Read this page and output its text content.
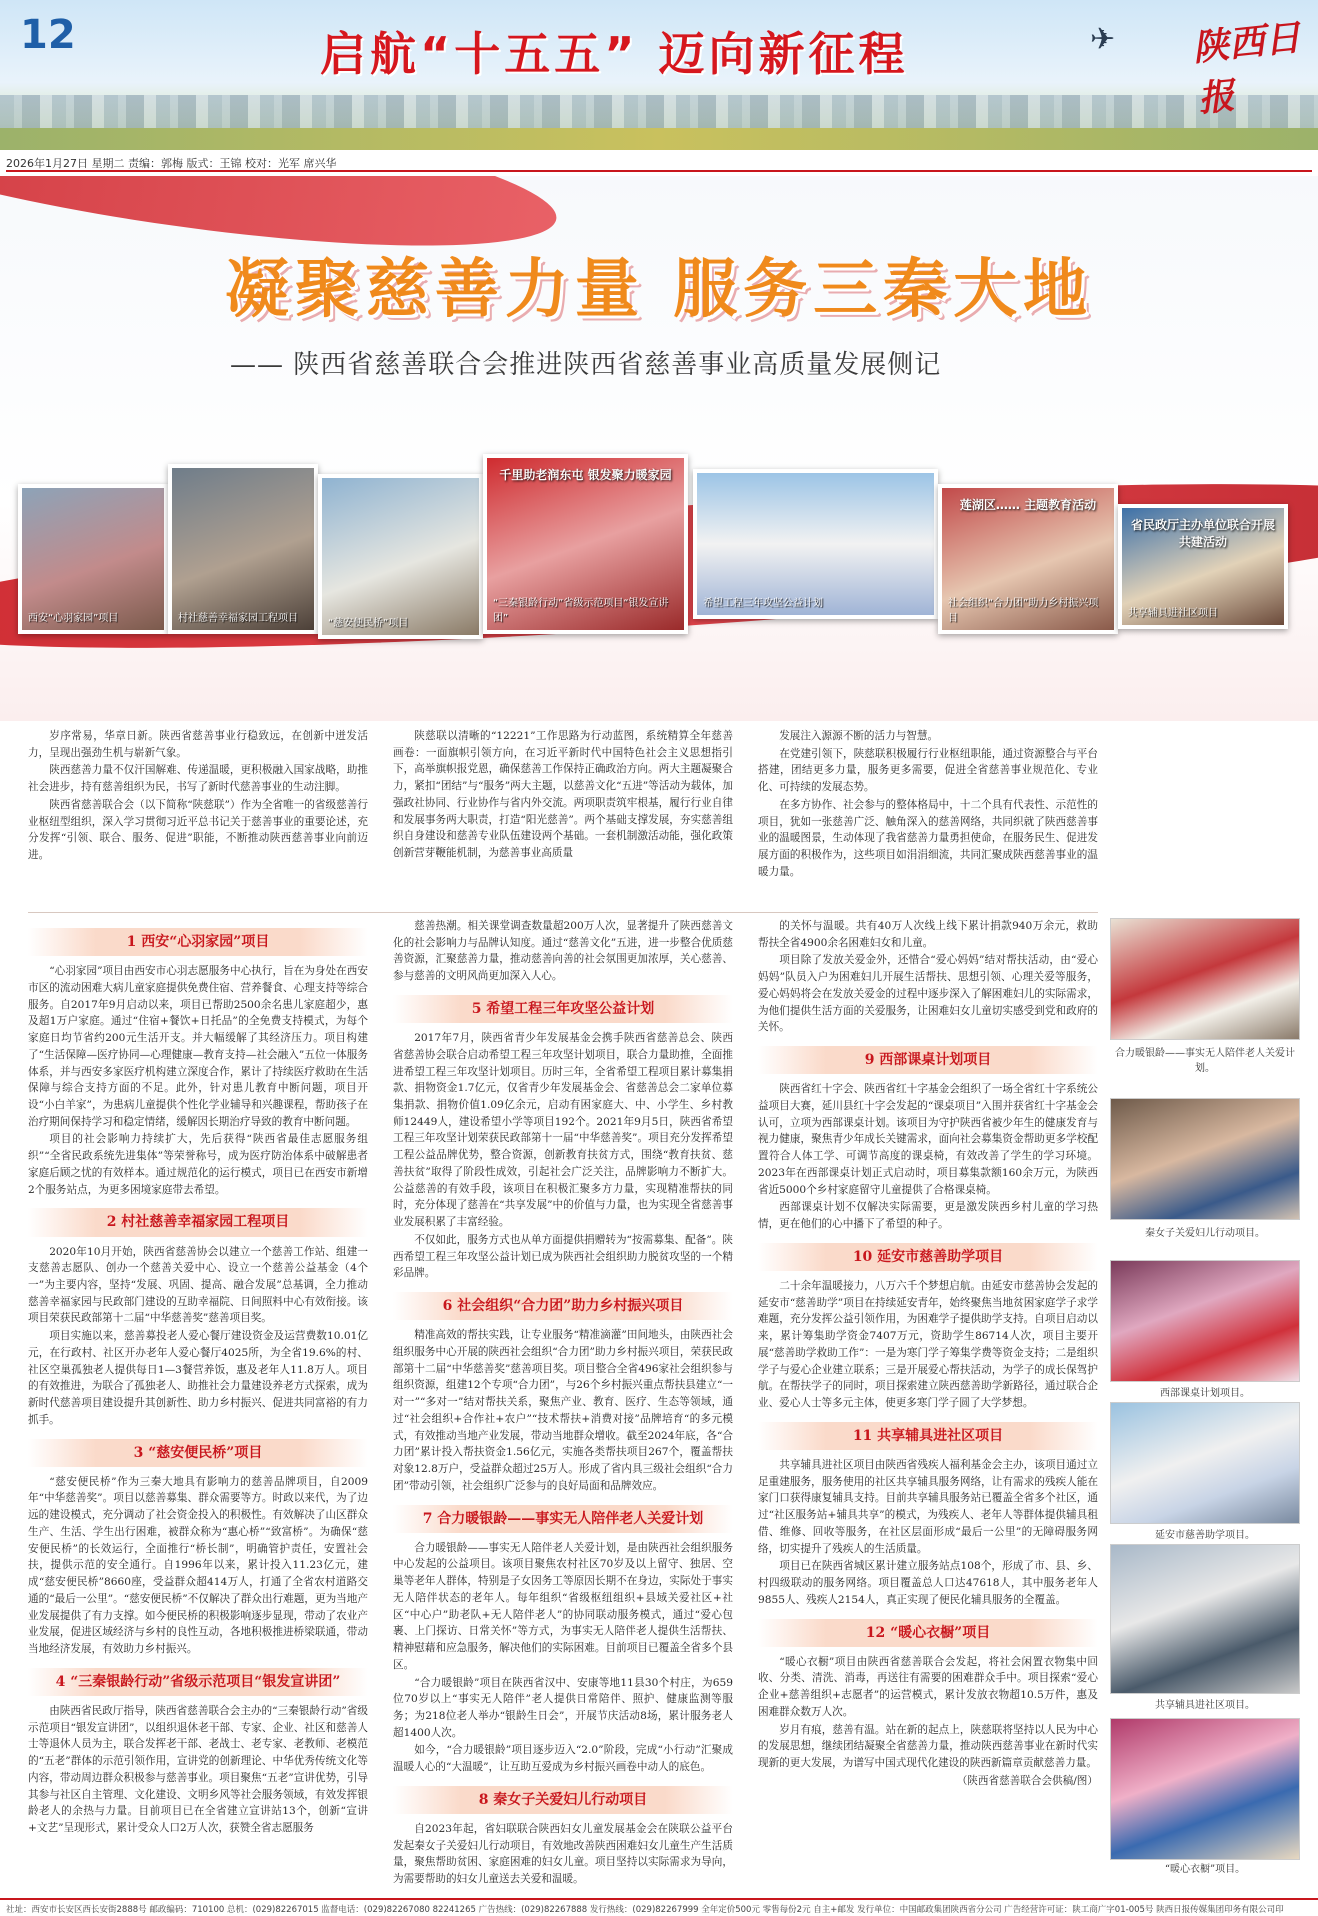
12	启航“十五五” 迈向新征程	✈ 陕西日报
2026年1月27日 星期二 责编：郭梅 版式：王锦 校对：光军 席兴华
凝聚慈善力量 服务三秦大地
—— 陕西省慈善联合会推进陕西省慈善事业高质量发展侧记
西安“心羽家园”项目	村社慈善幸福家园工程项目	“慈安便民桥”项目
千里助老润东屯 银发聚力暖家园
“三秦银龄行动”省级示范项目“银发宣讲团”
希望工程三年攻坚公益计划
莲湖区…… 主题教育活动
社会组织“合力团”助力乡村振兴项目
省民政厅主办单位联合开展共建活动
共享辅具进社区项目

岁序常易，华章日新。陕西省慈善事业行稳致远，在创新中迸发活力，呈现出强劲生机与崭新气象。

陕西慈善力量不仅汗国解难、传递温暖，更积极融入国家战略，助推社会进步，持有慈善组织为民，书写了新时代慈善事业的生动注脚。

陕西省慈善联合会（以下简称“陕慈联”）作为全省唯一的省级慈善行业枢纽型组织，深入学习贯彻习近平总书记关于慈善事业的重要论述，充分发挥“引领、联合、服务、促进”职能，不断推动陕西慈善事业向前迈进。

陕慈联以清晰的“12221”工作思路为行动蓝图，系统精算全年慈善画卷：一面旗帜引领方向，在习近平新时代中国特色社会主义思想指引下，高举旗帜报党恩，确保慈善工作保持正确政治方向。两大主题凝聚合力，紧扣“团结”与“服务”两大主题，以慈善文化“五进”等活动为载体，加强政社协同、行业协作与省内外交流。两项职责筑牢根基，履行行业自律和发展事务两大职责，打造“阳光慈善”。两个基础支撑发展，夯实慈善组织自身建设和慈善专业队伍建设两个基础。一套机制激活动能，强化政策创新营芽鞭能机制，为慈善事业高质量

发展注入源源不断的活力与智慧。

在党建引领下，陕慈联积极履行行业枢纽职能，通过资源整合与平台搭建，团结更多力量，服务更多需要，促进全省慈善事业规范化、专业化、可持续的发展态势。

在多方协作、社会参与的整体格局中，十二个具有代表性、示范性的项目，犹如一张慈善广泛、触角深入的慈善网络，共同织就了陕西慈善事业的温暖图景，生动体现了我省慈善力量勇担使命，在服务民生、促进发展方面的积极作为，这些项目如涓涓细流，共同汇聚成陕西慈善事业的温暖力量。

1 西安“心羽家园”项目

“心羽家园”项目由西安市心羽志愿服务中心执行，旨在为身处在西安市区的流动困难大病儿童家庭提供免费住宿、营养餐食、心理支持等综合服务。自2017年9月启动以来，项目已帮助2500余名患儿家庭超少，惠及超1万户家庭。通过“住宿+餐饮+日托品”的全免费支持模式，为每个家庭日均节省约200元生活开支。并大幅缓解了其经济压力。项目构建了“生活保障—医疗协同—心理健康—教育支持—社会融入”五位一体服务体系，并与西安多家医疗机构建立深度合作，累计了持续医疗救助在生活保障与综合支持方面的不足。此外，针对患儿教育中断问题，项目开设“小白羊家”，为患病儿童提供个性化学业辅导和兴趣课程，帮助孩子在治疗期间保持学习和稳定情绪，缓解因长期治疗导致的教育中断问题。

项目的社会影响力持续扩大，先后获得“陕西省最佳志愿服务组织”“全省民政系统先进集体”等荣誉称号，成为医疗防治体系中破解患者家庭后顾之忧的有效样本。通过规范化的运行模式，项目已在西安市新增2个服务站点，为更多困境家庭带去希望。

2 村社慈善幸福家园工程项目

2020年10月开始，陕西省慈善协会以建立一个慈善工作站、组建一支慈善志愿队、创办一个慈善关爱中心、设立一个慈善公益基金（4个一”为主要内容，坚持“发展、巩固、提高、融合发展”总基调，全力推动慈善幸福家园与民政部门建设的互助幸福院、日间照料中心有效衔接。该项目荣获民政部第十二届“中华慈善奖”慈善项目奖。

项目实施以来，慈善募投老人爱心餐厅建设资金及运营费数10.01亿元，在行政村、社区开办老年人爱心餐厅4025所，为全省19.6%的村、社区空巢孤独老人提供每日1—3餐营养饭，惠及老年人11.8万人。项目的有效推进，为联合了孤独老人、助推社会力量建设养老方式探索，成为新时代慈善项目建设提升其创新性、助力乡村振兴、促进共同富裕的有力抓手。

3 “慈安便民桥”项目

“慈安便民桥”作为三秦大地具有影响力的慈善品牌项目，自2009年“中华慈善奖”。项目以慈善募集、群众需要等方。时政以来代，为了边远的建设模式，充分调动了社会资金投入的积极性。有效解决了山区群众生产、生活、学生出行困难，被群众称为“惠心桥”“致富桥”。为确保“慈安便民桥”的长效运行，全面推行“桥长制”，明确管护责任，安置社会扶，提供示范的安全通行。自1996年以来，累计投入11.23亿元，建成“慈安便民桥”8660座，受益群众超414万人，打通了全省农村道路交通的“最后一公里”。“慈安便民桥”不仅解决了群众出行难题，更为当地产业发展提供了有力支撑。如今便民桥的积极影响逐步显现，带动了农业产业发展，促进区域经济与乡村的良性互动，各地积极推进桥梁联通，带动当地经济发展，有效助力乡村振兴。

4 “三秦银龄行动”省级示范项目“银发宣讲团”

由陕西省民政厅指导，陕西省慈善联合会主办的“三秦银龄行动”省级示范项目“银发宣讲团”，以组织退休老干部、专家、企业、社区和慈善人士等退休人员为主，联合发挥老干部、老战士、老专家、老教师、老模范的“五老”群体的示范引领作用，宣讲党的创新理论、中华优秀传统文化等内容，带动周边群众积极参与慈善事业。项目聚焦“五老”宣讲优势，引导其参与社区自主管理、文化建设、文明乡风等社会服务领域，有效发挥银龄老人的余热与力量。目前项目已在全省建立宣讲站13个，创新“宣讲+文艺”呈现形式，累计受众人口2万人次，获赞全省志愿服务

慈善热潮。相关课堂调查数量超200万人次，显著提升了陕西慈善文化的社会影响力与品牌认知度。通过“慈善文化”五进，进一步整合优质慈善资源，汇聚慈善力量，推动慈善向善的社会氛围更加浓厚，关心慈善、参与慈善的文明风尚更加深入人心。

5 希望工程三年攻坚公益计划

2017年7月，陕西省青少年发展基金会携手陕西省慈善总会、陕西省慈善协会联合启动希望工程三年攻坚计划项目，联合力量助推，全面推进希望工程三年攻坚计划项目。历时三年，全省希望工程项目累计募集捐款、捐物资金1.7亿元，仅省青少年发展基金会、省慈善总会二家单位募集捐款、捐物价值1.09亿余元，启动有困家庭大、中、小学生、乡村教师12449人，建设希望小学等项目192个。2021年9月5日，陕西省希望工程三年攻坚计划荣获民政部第十一届“中华慈善奖”。项目充分发挥希望工程公益品牌优势，整合资源，创新教育扶贫方式，围绕“教育扶贫、慈善扶贫”取得了阶段性成效，引起社会广泛关注，品牌影响力不断扩大。公益慈善的有效手段，该项目在积极汇聚多方力量，实现精准帮扶的同时，充分体现了慈善在“共享发展”中的价值与力量，也为实现全省慈善事业发展积累了丰富经验。

不仅如此，服务方式也从单方面提供捐赠转为“按需募集、配备”。陕西希望工程三年攻坚公益计划已成为陕西社会组织助力脱贫攻坚的一个精彩品牌。

6 社会组织“合力团”助力乡村振兴项目

精准高效的帮扶实践，让专业服务“精准滴灌”田间地头，由陕西社会组织服务中心开展的陕西社会组织“合力团”助力乡村振兴项目，荣获民政部第十二届“中华慈善奖”慈善项目奖。项目整合全省496家社会组织参与组织资源，组建12个专项“合力团”，与26个乡村振兴重点帮扶县建立“一对一”“多对一”结对帮扶关系，聚焦产业、教育、医疗、生态等领域，通过“社会组织+合作社+农户”“技术帮扶+消费对接”品牌培育“的多元模式，有效推动当地产业发展，带动当地群众增收。截至2024年底，各“合力团”累计投入帮扶资金1.56亿元，实施各类帮扶项目267个，覆盖帮扶对象12.8万户，受益群众超过25万人。形成了省内具三级社会组织“合力团”带动引领，社会组织广泛参与的良好局面和品牌效应。

7 合力暖银龄——事实无人陪伴老人关爱计划

合力暖银龄——事实无人陪伴老人关爱计划，是由陕西社会组织服务中心发起的公益项目。该项目聚焦农村社区70岁及以上留守、独居、空巢等老年人群体，特别是子女因务工等原因长期不在身边，实际处于事实无人陪伴状态的老年人。每年组织“省级枢纽组织+县域关爱社区+社区“中心户”助老队+无人陪伴老人”的协同联动服务模式，通过“爱心包裹、上门探访、日常关怀”等方式，为事实无人陪伴老人提供生活帮扶、精神慰藉和应急服务，解决他们的实际困难。目前项目已覆盖全省多个县区。

“合力暖银龄”项目在陕西省汉中、安康等地11县30个村庄，为659位70岁以上“事实无人陪伴”老人提供日常陪伴、照护、健康监测等服务；为218位老人举办“银龄生日会”，开展节庆活动8场，累计服务老人超1400人次。

如今，“合力暖银龄”项目逐步迈入“2.0”阶段，完成“小行动”汇聚成温暖人心的“大温暖”，让互助互爱成为乡村振兴画卷中动人的底色。

8 秦女子关爱妇儿行动项目

自2023年起，省妇联联合陕西妇女儿童发展基金会在陕联公益平台发起秦女子关爱妇儿行动项目，有效地改善陕西困难妇女儿童生产生活质量，聚焦帮助贫困、家庭困难的妇女儿童。项目坚持以实际需求为导向，为需要帮助的妇女儿童送去关爱和温暖。

的关怀与温暖。共有40万人次线上线下累计捐款940万余元，救助帮扶全省4900余名困难妇女和儿童。

项目除了发放关爱金外，还惜合“爱心妈妈”结对帮扶活动，由“爱心妈妈”队员入户为困难妇儿开展生活帮扶、思想引领、心理关爱等服务，爱心妈妈将会在发放关爱金的过程中逐步深入了解困难妇儿的实际需求，为他们提供生活方面的关爱服务，让困难妇女儿童切实感受到党和政府的关怀。

9 西部课桌计划项目

陕西省红十字会、陕西省红十字基金会组织了一场全省红十字系统公益项目大赛，延川县红十字会发起的“课桌项目”入围并获省红十字基金会认可，立项为西部课桌计划。该项目为守护陕西省被少年生的健康发育与视力健康，聚焦青少年成长关键需求，面向社会募集资金帮助更多学校配置符合人体工学、可调节高度的课桌椅，有效改善了学生的学习环境。2023年在西部课桌计划正式启动时，项目募集款额160余万元，为陕西省近5000个乡村家庭留守儿童提供了合格课桌椅。

西部课桌计划不仅解决实际需要，更是激发陕西乡村儿童的学习热情，更在他们的心中播下了希望的种子。

10 延安市慈善助学项目

二十余年温暖接力，八万六千个梦想启航。由延安市慈善协会发起的延安市“慈善助学”项目在持续延安青年，始终聚焦当地贫困家庭学子求学难题，充分发挥公益引领作用，为困难学子提供助学支持。自项目启动以来，累计筹集助学资金7407万元，资助学生86714人次，项目主要开展“慈善助学救助工作”：一是为寒门学子筹集学费等资金支持；二是组织学子与爱心企业建立联系；三是开展爱心帮扶活动，为学子的成长保驾护航。在帮扶学子的同时，项目探索建立陕西慈善助学新路径，通过联合企业、爱心人士等多元主体，使更多寒门学子圆了大学梦想。

11 共享辅具进社区项目

共享辅具进社区项目由陕西省残疾人福利基金会主办，该项目通过立足重建服务，服务使用的社区共享辅具服务网络，让有需求的残疾人能在家门口获得康复辅具支持。目前共享辅具服务站已覆盖全省多个社区，通过“社区服务站+辅具共享”的模式，为残疾人、老年人等群体提供辅具租借、维修、回收等服务，在社区层面形成“最后一公里”的无障碍服务网络，切实提升了残疾人的生活质量。

项目已在陕西省城区累计建立服务站点108个，形成了市、县、乡、村四级联动的服务网络。项目覆盖总人口达47618人，其中服务老年人9855人、残疾人2154人，真正实现了便民化辅具服务的全覆盖。

12 “暖心衣橱”项目

“暖心衣橱”项目由陕西省慈善联合会发起，将社会闲置衣物集中回收、分类、清洗、消毒，再送往有需要的困难群众手中。项目探索“爱心企业+慈善组织+志愿者”的运营模式，累计发放衣物超10.5万件，惠及困难群众数万人次。

岁月有痕，慈善有温。站在新的起点上，陕慈联将坚持以人民为中心的发展思想，继续团结凝聚全省慈善力量，推动陕西慈善事业在新时代实现新的更大发展，为谱写中国式现代化建设的陕西新篇章贡献慈善力量。

（陕西省慈善联合会供稿/图）

合力暖银龄——事实无人陪伴老人关爱计划。
秦女子关爱妇儿行动项目。
西部课桌计划项目。
延安市慈善助学项目。
共享辅具进社区项目。
“暖心衣橱”项目。
社址：西安市长安区西长安街2888号 邮政编码：710100 总机：(029)82267015 监督电话：(029)82267080 82241265 广告热线：(029)82267888 发行热线：(029)82267999 全年定价500元 零售每份2元 自主+邮发 发行单位：中国邮政集团陕西省分公司 广告经营许可证：陕工商广字01-005号 陕西日报传媒集团印务有限公司印
